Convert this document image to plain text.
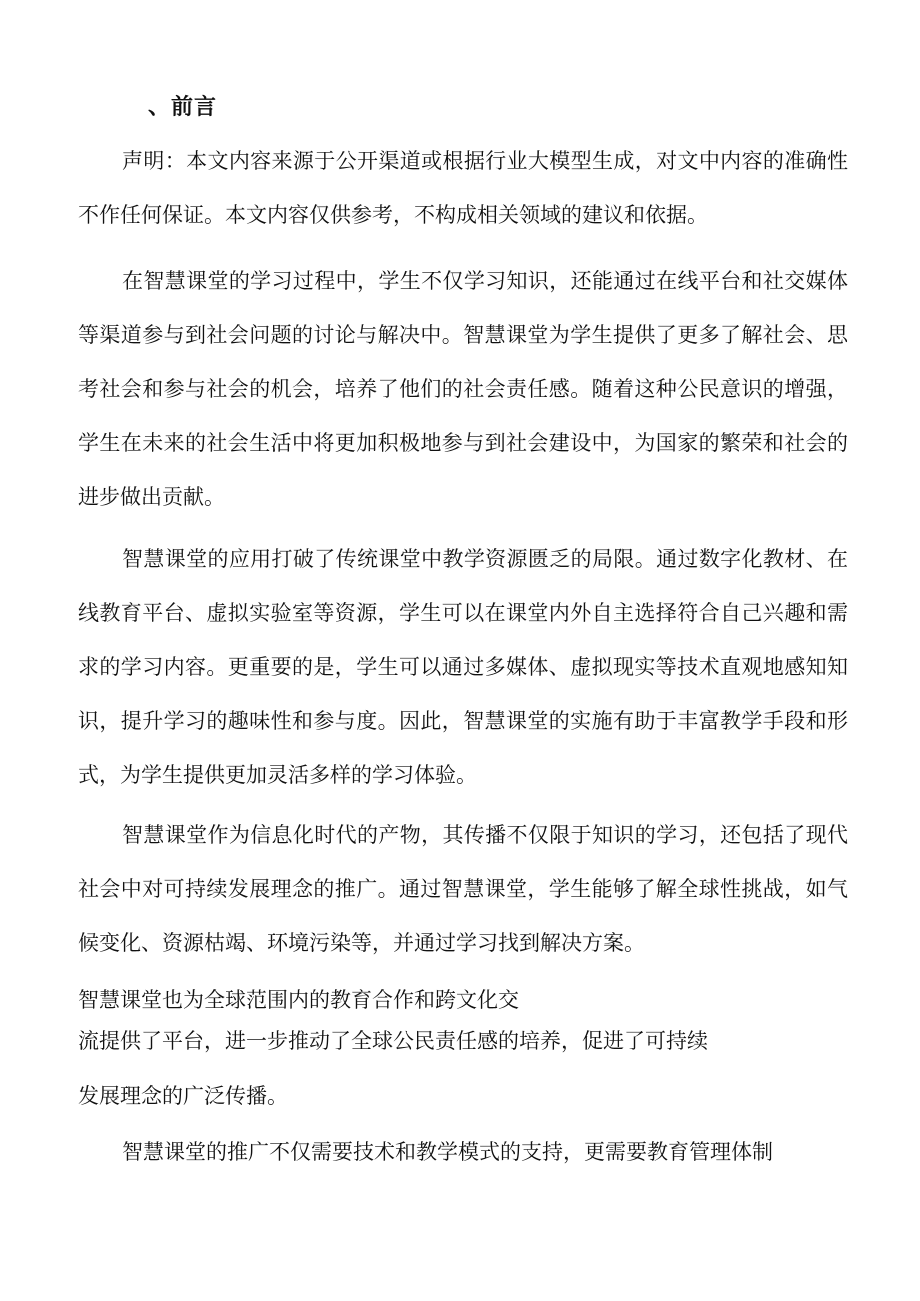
、前言

声明：本文内容来源于公开渠道或根据行业大模型生成，对文中内容的准确性不作任何保证。本文内容仅供参考，不构成相关领域的建议和依据。

在智慧课堂的学习过程中，学生不仅学习知识，还能通过在线平台和社交媒体等渠道参与到社会问题的讨论与解决中。智慧课堂为学生提供了更多了解社会、思考社会和参与社会的机会，培养了他们的社会责任感。随着这种公民意识的增强，学生在未来的社会生活中将更加积极地参与到社会建设中，为国家的繁荣和社会的进步做出贡献。

智慧课堂的应用打破了传统课堂中教学资源匮乏的局限。通过数字化教材、在线教育平台、虚拟实验室等资源，学生可以在课堂内外自主选择符合自己兴趣和需求的学习内容。更重要的是，学生可以通过多媒体、虚拟现实等技术直观地感知知识，提升学习的趣味性和参与度。因此，智慧课堂的实施有助于丰富教学手段和形式，为学生提供更加灵活多样的学习体验。

智慧课堂作为信息化时代的产物，其传播不仅限于知识的学习，还包括了现代社会中对可持续发展理念的推广。通过智慧课堂，学生能够了解全球性挑战，如气候变化、资源枯竭、环境污染等，并通过学习找到解决方案。

智慧课堂也为全球范围内的教育合作和跨文化交
流提供了平台，进一步推动了全球公民责任感的培养，促进了可持续
发展理念的广泛传播。

智慧课堂的推广不仅需要技术和教学模式的支持，更需要教育管理体制
